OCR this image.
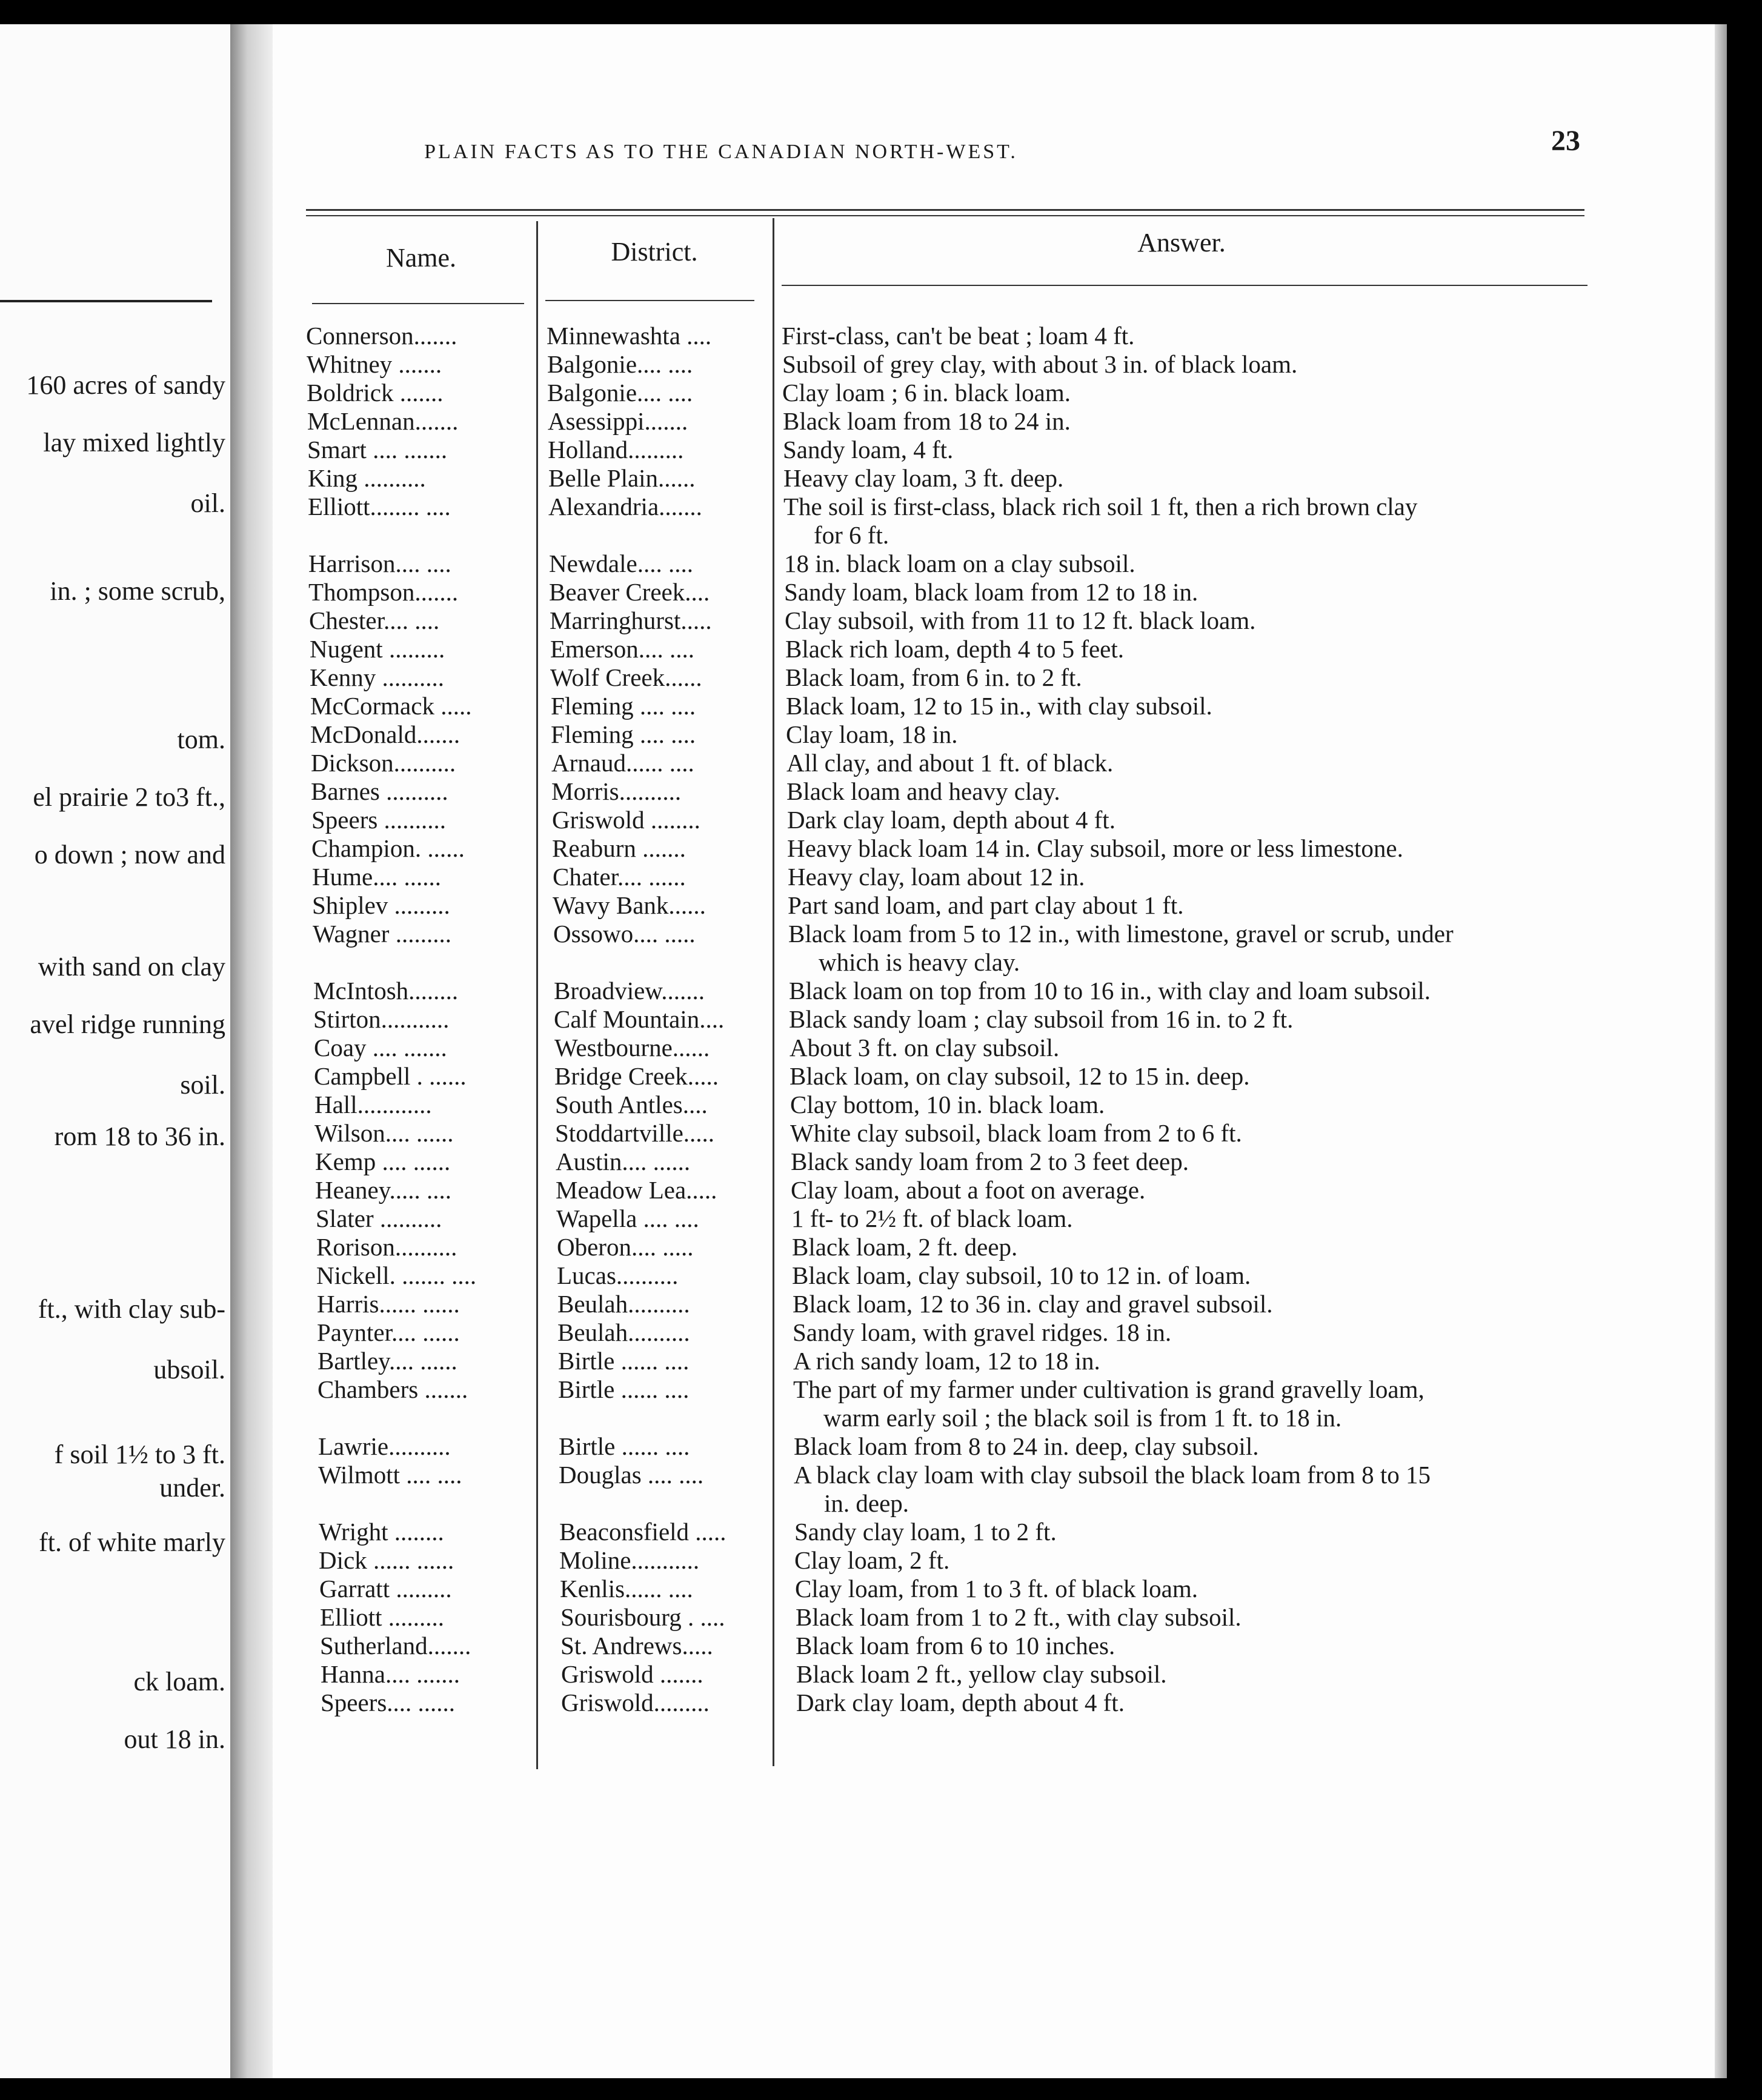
160 acres of sandy
lay mixed lightly
oil.
in. ; some scrub,
tom.
el prairie 2 to3 ft.,
o down ; now and
with sand on clay
avel ridge running
soil.
rom 18 to 36 in.
ft., with clay sub-
ubsoil.
f soil 1½ to 3 ft.
under.
ft. of white marly
ck loam.
out 18 in.
PLAIN FACTS AS TO THE CANADIAN NORTH-WEST.	23
Name.	District.	Answer.
Connerson.......	Minnewashta ....	First-class, can't be beat ; loam 4 ft.
Whitney .......	Balgonie.... ....	Subsoil of grey clay, with about 3 in. of black loam.
Boldrick .......	Balgonie.... ....	Clay loam ; 6 in. black loam.
McLennan.......	Asessippi.......	Black loam from 18 to 24 in.
Smart .... .......	Holland.........	Sandy loam, 4 ft.
King ..........	Belle Plain......	Heavy clay loam, 3 ft. deep.
Elliott........ ....	Alexandria.......	The soil is first-class, black rich soil 1 ft, then a rich brown clay
for 6 ft.
Harrison.... ....	Newdale.... ....	18 in. black loam on a clay subsoil.
Thompson.......	Beaver Creek....	Sandy loam, black loam from 12 to 18 in.
Chester.... ....	Marringhurst.....	Clay subsoil, with from 11 to 12 ft. black loam.
Nugent .........	Emerson.... ....	Black rich loam, depth 4 to 5 feet.
Kenny ..........	Wolf Creek......	Black loam, from 6 in. to 2 ft.
McCormack .....	Fleming .... ....	Black loam, 12 to 15 in., with clay subsoil.
McDonald.......	Fleming .... ....	Clay loam, 18 in.
Dickson..........	Arnaud...... ....	All clay, and about 1 ft. of black.
Barnes ..........	Morris..........	Black loam and heavy clay.
Speers ..........	Griswold ........	Dark clay loam, depth about 4 ft.
Champion. ......	Reaburn .......	Heavy black loam 14 in. Clay subsoil, more or less limestone.
Hume.... ......	Chater.... ......	Heavy clay, loam about 12 in.
Shiplev .........	Wavy Bank......	Part sand loam, and part clay about 1 ft.
Wagner .........	Ossowo.... .....	Black loam from 5 to 12 in., with limestone, gravel or scrub, under
which is heavy clay.
McIntosh........	Broadview.......	Black loam on top from 10 to 16 in., with clay and loam subsoil.
Stirton...........	Calf Mountain....	Black sandy loam ; clay subsoil from 16 in. to 2 ft.
Coay .... .......	Westbourne......	About 3 ft. on clay subsoil.
Campbell . ......	Bridge Creek.....	Black loam, on clay subsoil, 12 to 15 in. deep.
Hall............	South Antles....	Clay bottom, 10 in. black loam.
Wilson.... ......	Stoddartville.....	White clay subsoil, black loam from 2 to 6 ft.
Kemp .... ......	Austin.... ......	Black sandy loam from 2 to 3 feet deep.
Heaney..... ....	Meadow Lea.....	Clay loam, about a foot on average.
Slater ..........	Wapella .... ....	1 ft- to 2½ ft. of black loam.
Rorison..........	Oberon.... .....	Black loam, 2 ft. deep.
Nickell. ....... ....	Lucas..........	Black loam, clay subsoil, 10 to 12 in. of loam.
Harris...... ......	Beulah..........	Black loam, 12 to 36 in. clay and gravel subsoil.
Paynter.... ......	Beulah..........	Sandy loam, with gravel ridges. 18 in.
Bartley.... ......	Birtle ...... ....	A rich sandy loam, 12 to 18 in.
Chambers .......	Birtle ...... ....	The part of my farmer under cultivation is grand gravelly loam,
warm early soil ; the black soil is from 1 ft. to 18 in.
Lawrie..........	Birtle ...... ....	Black loam from 8 to 24 in. deep, clay subsoil.
Wilmott .... ....	Douglas .... ....	A black clay loam with clay subsoil the black loam from 8 to 15
in. deep.
Wright ........	Beaconsfield .....	Sandy clay loam, 1 to 2 ft.
Dick ...... ......	Moline...........	Clay loam, 2 ft.
Garratt .........	Kenlis...... ....	Clay loam, from 1 to 3 ft. of black loam.
Elliott .........	Sourisbourg . ....	Black loam from 1 to 2 ft., with clay subsoil.
Sutherland.......	St. Andrews.....	Black loam from 6 to 10 inches.
Hanna.... .......	Griswold .......	Black loam 2 ft., yellow clay subsoil.
Speers.... ......	Griswold.........	Dark clay loam, depth about 4 ft.
